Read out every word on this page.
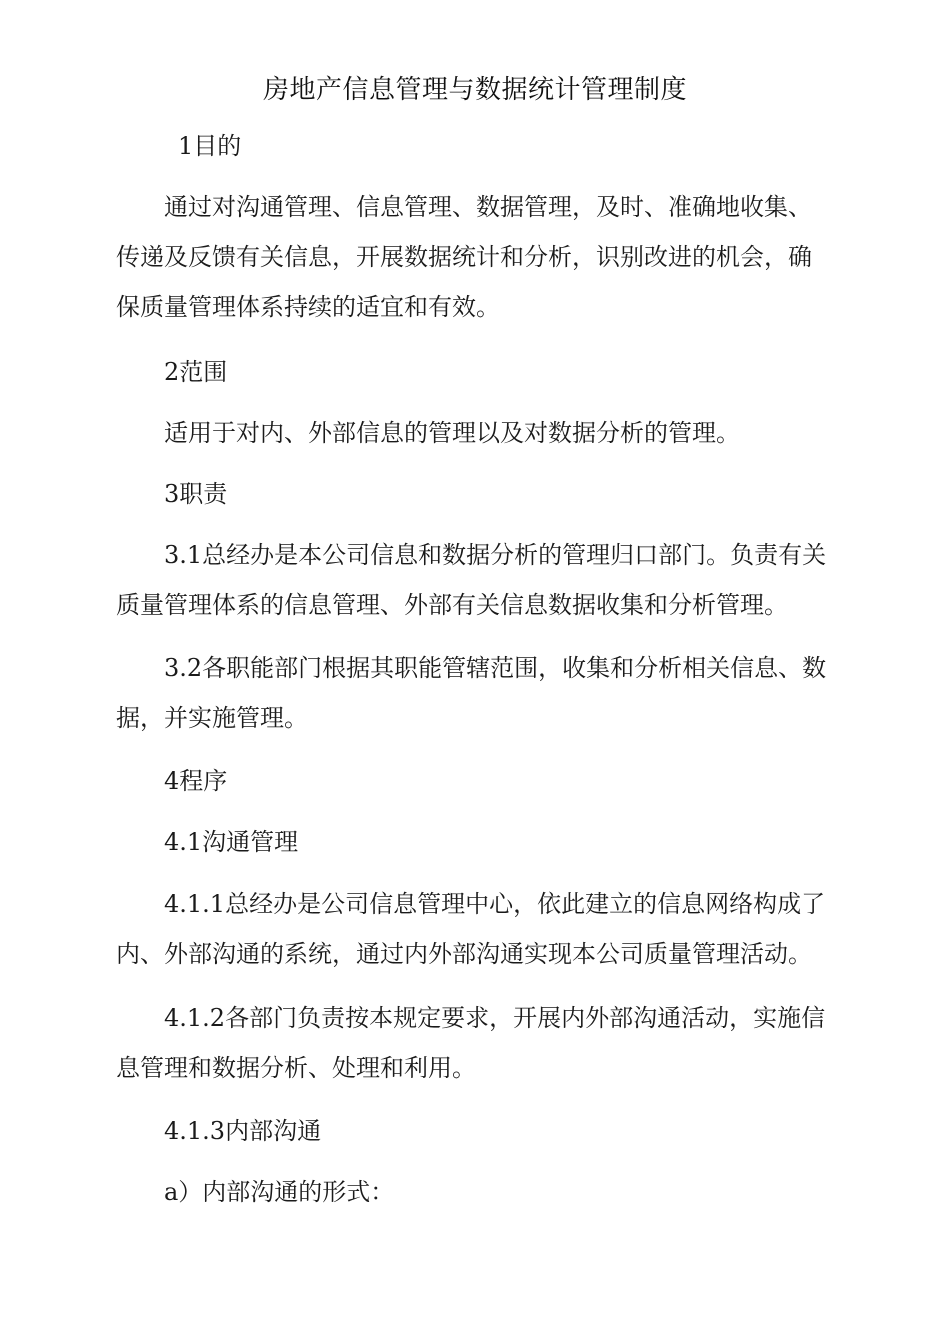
房地产信息管理与数据统计管理制度

1目的

通过对沟通管理、信息管理、数据管理，及时、准确地收集、传递及反馈有关信息，开展数据统计和分析，识别改进的机会，确保质量管理体系持续的适宜和有效。

2范围

适用于对内、外部信息的管理以及对数据分析的管理。

3职责

3.1总经办是本公司信息和数据分析的管理归口部门。负责有关质量管理体系的信息管理、外部有关信息数据收集和分析管理。

3.2各职能部门根据其职能管辖范围，收集和分析相关信息、数据，并实施管理。

4程序

4.1沟通管理

4.1.1总经办是公司信息管理中心，依此建立的信息网络构成了内、外部沟通的系统，通过内外部沟通实现本公司质量管理活动。

4.1.2各部门负责按本规定要求，开展内外部沟通活动，实施信息管理和数据分析、处理和利用。

4.1.3内部沟通

a）内部沟通的形式：
